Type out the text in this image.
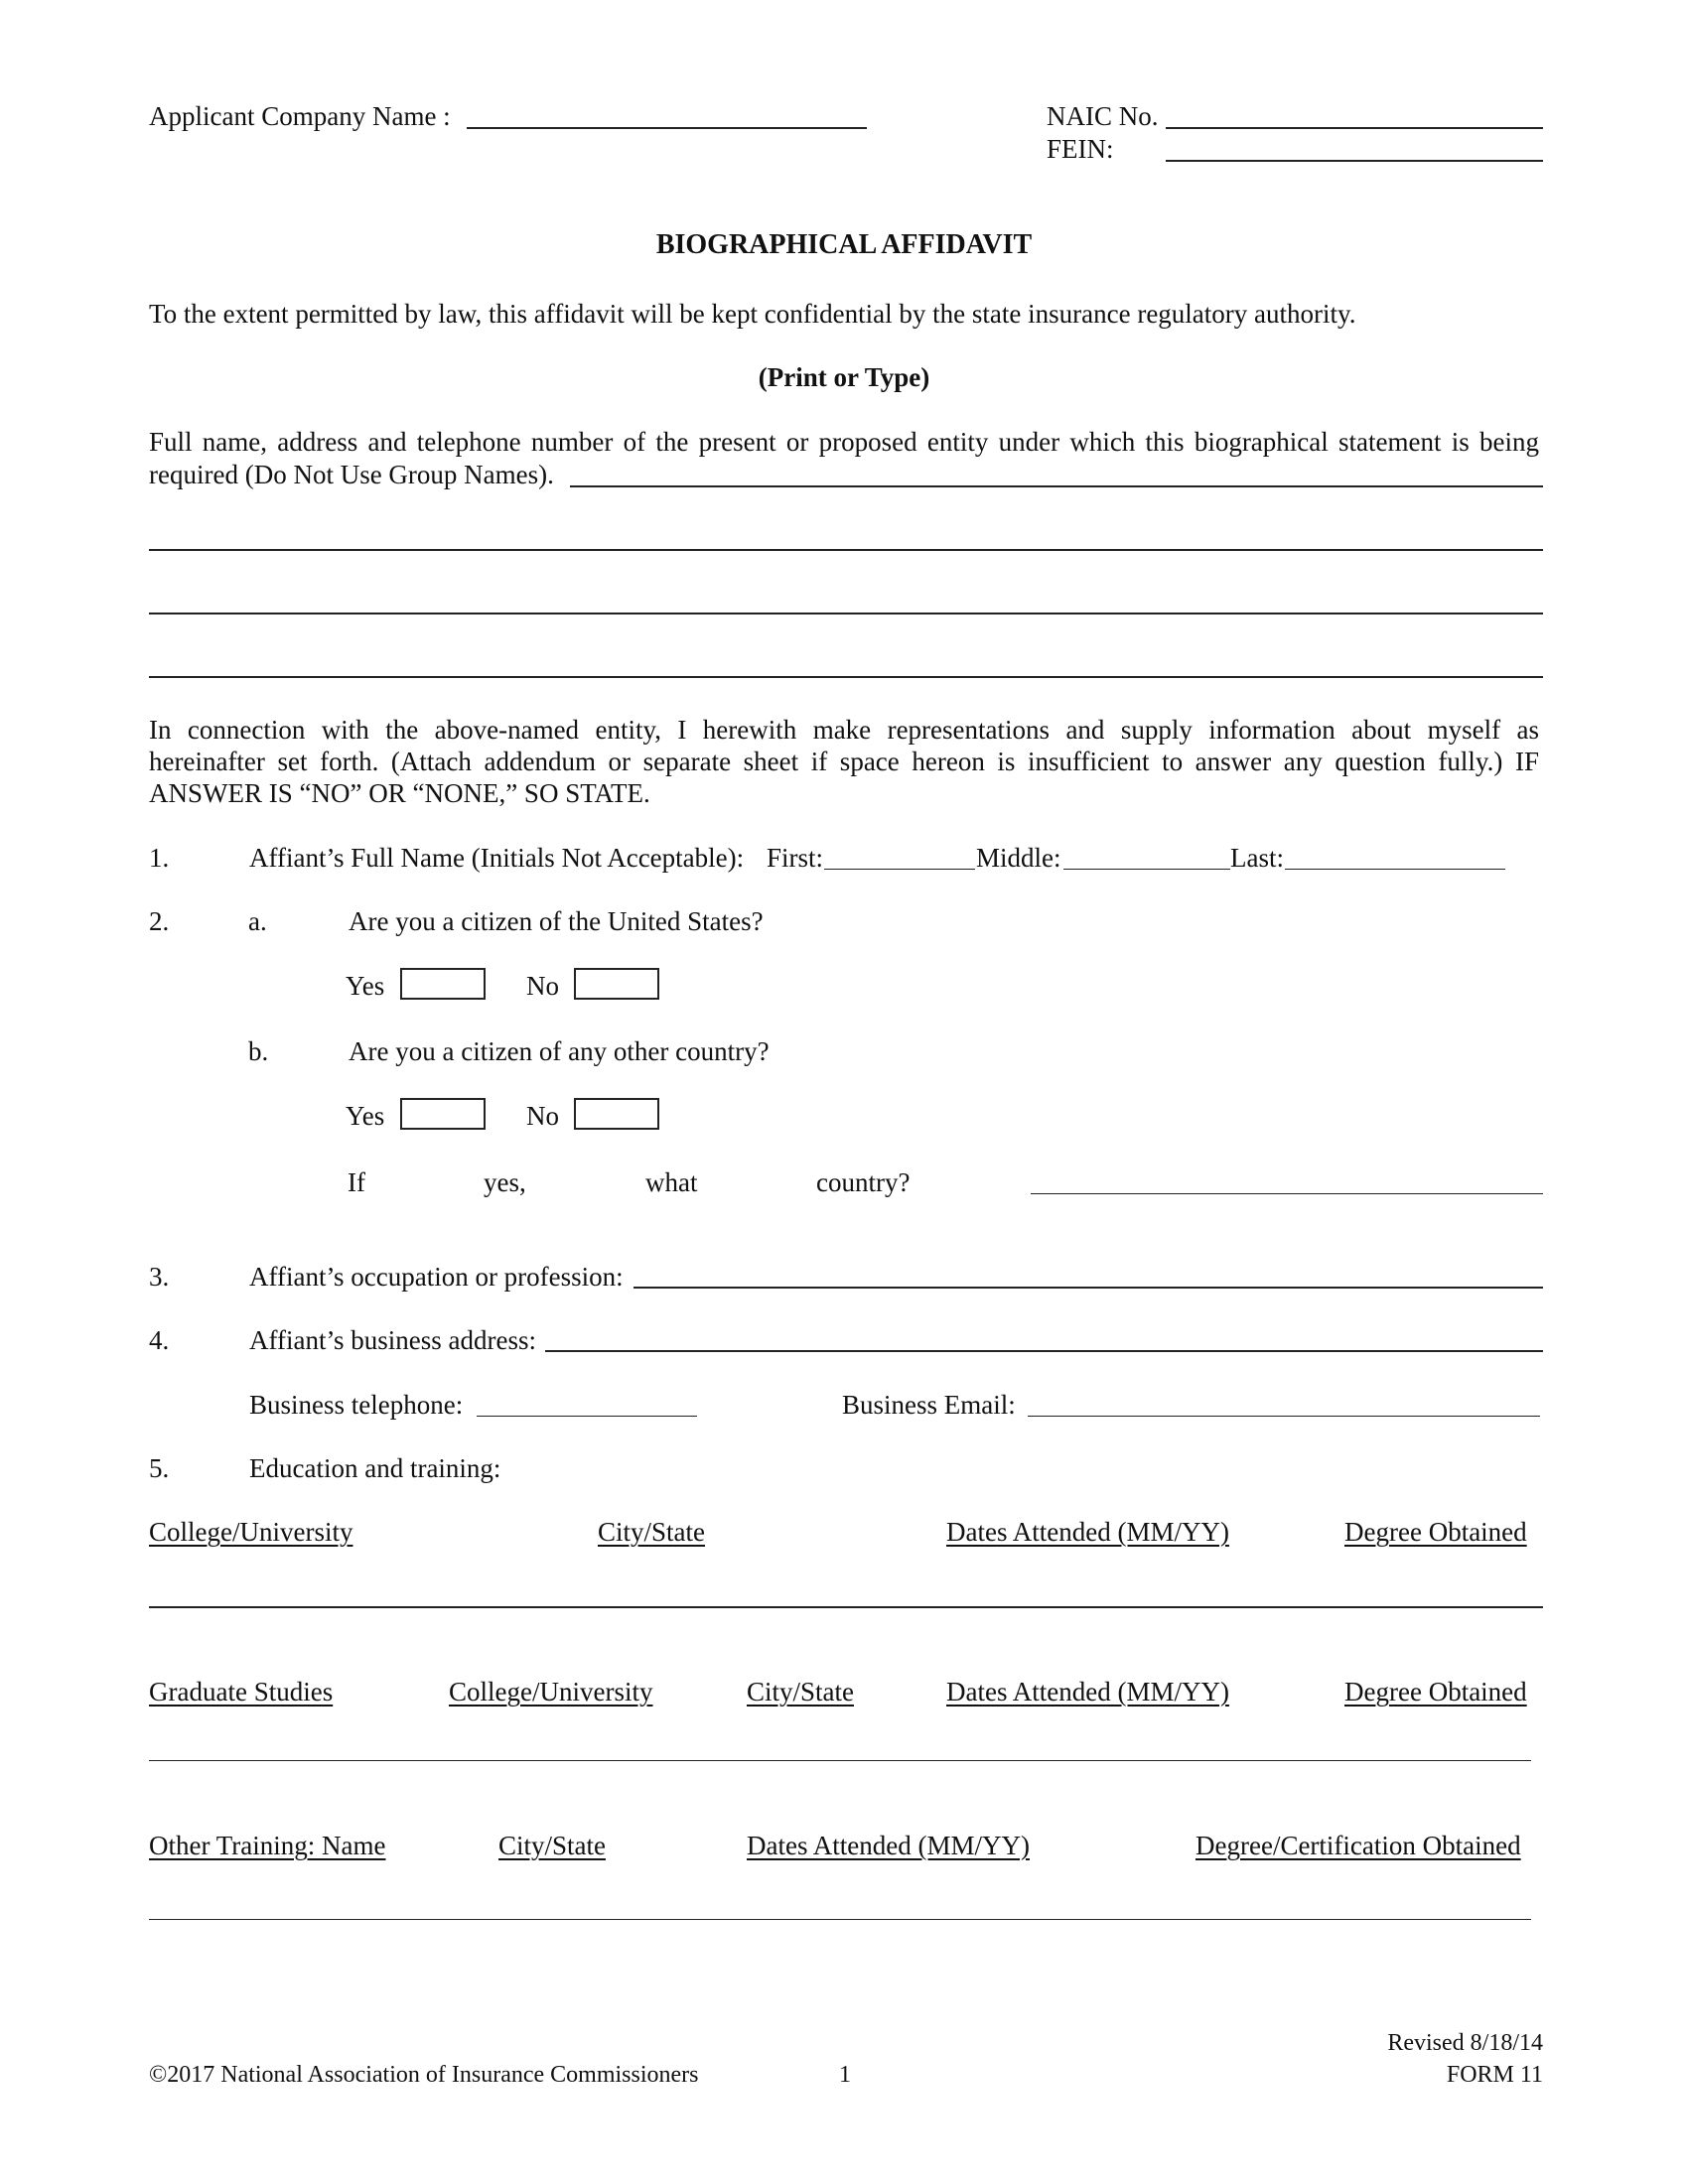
Applicant Company Name :	NAIC No.
FEIN:
BIOGRAPHICAL AFFIDAVIT
To the extent permitted by law, this affidavit will be kept confidential by the state insurance regulatory authority.
(Print or Type)
Full name, address and telephone number of the present or proposed entity under which this biographical statement is being
required (Do Not Use Group Names).
In connection with the above-named entity, I herewith make representations and supply information about myself as
hereinafter set forth. (Attach addendum or separate sheet if space hereon is insufficient to answer any question fully.) IF
ANSWER IS “NO” OR “NONE,” SO STATE.
1.	Affiant’s Full Name (Initials Not Acceptable): First:	Middle:	Last:
2.	a.	Are you a citizen of the United States?
Yes	No
b.	Are you a citizen of any other country?
Yes	No
If	yes,	what	country?
3.	Affiant’s occupation or profession:
4.	Affiant’s business address:
Business telephone:	Business Email:
5.	Education and training:
College/University	City/State	Dates Attended (MM/YY)	Degree Obtained
Graduate Studies	College/University	City/State	Dates Attended (MM/YY)	Degree Obtained
Other Training: Name	City/State	Dates Attended (MM/YY)	Degree/Certification Obtained
Revised 8/18/14
©2017 National Association of Insurance Commissioners	1	FORM 11
